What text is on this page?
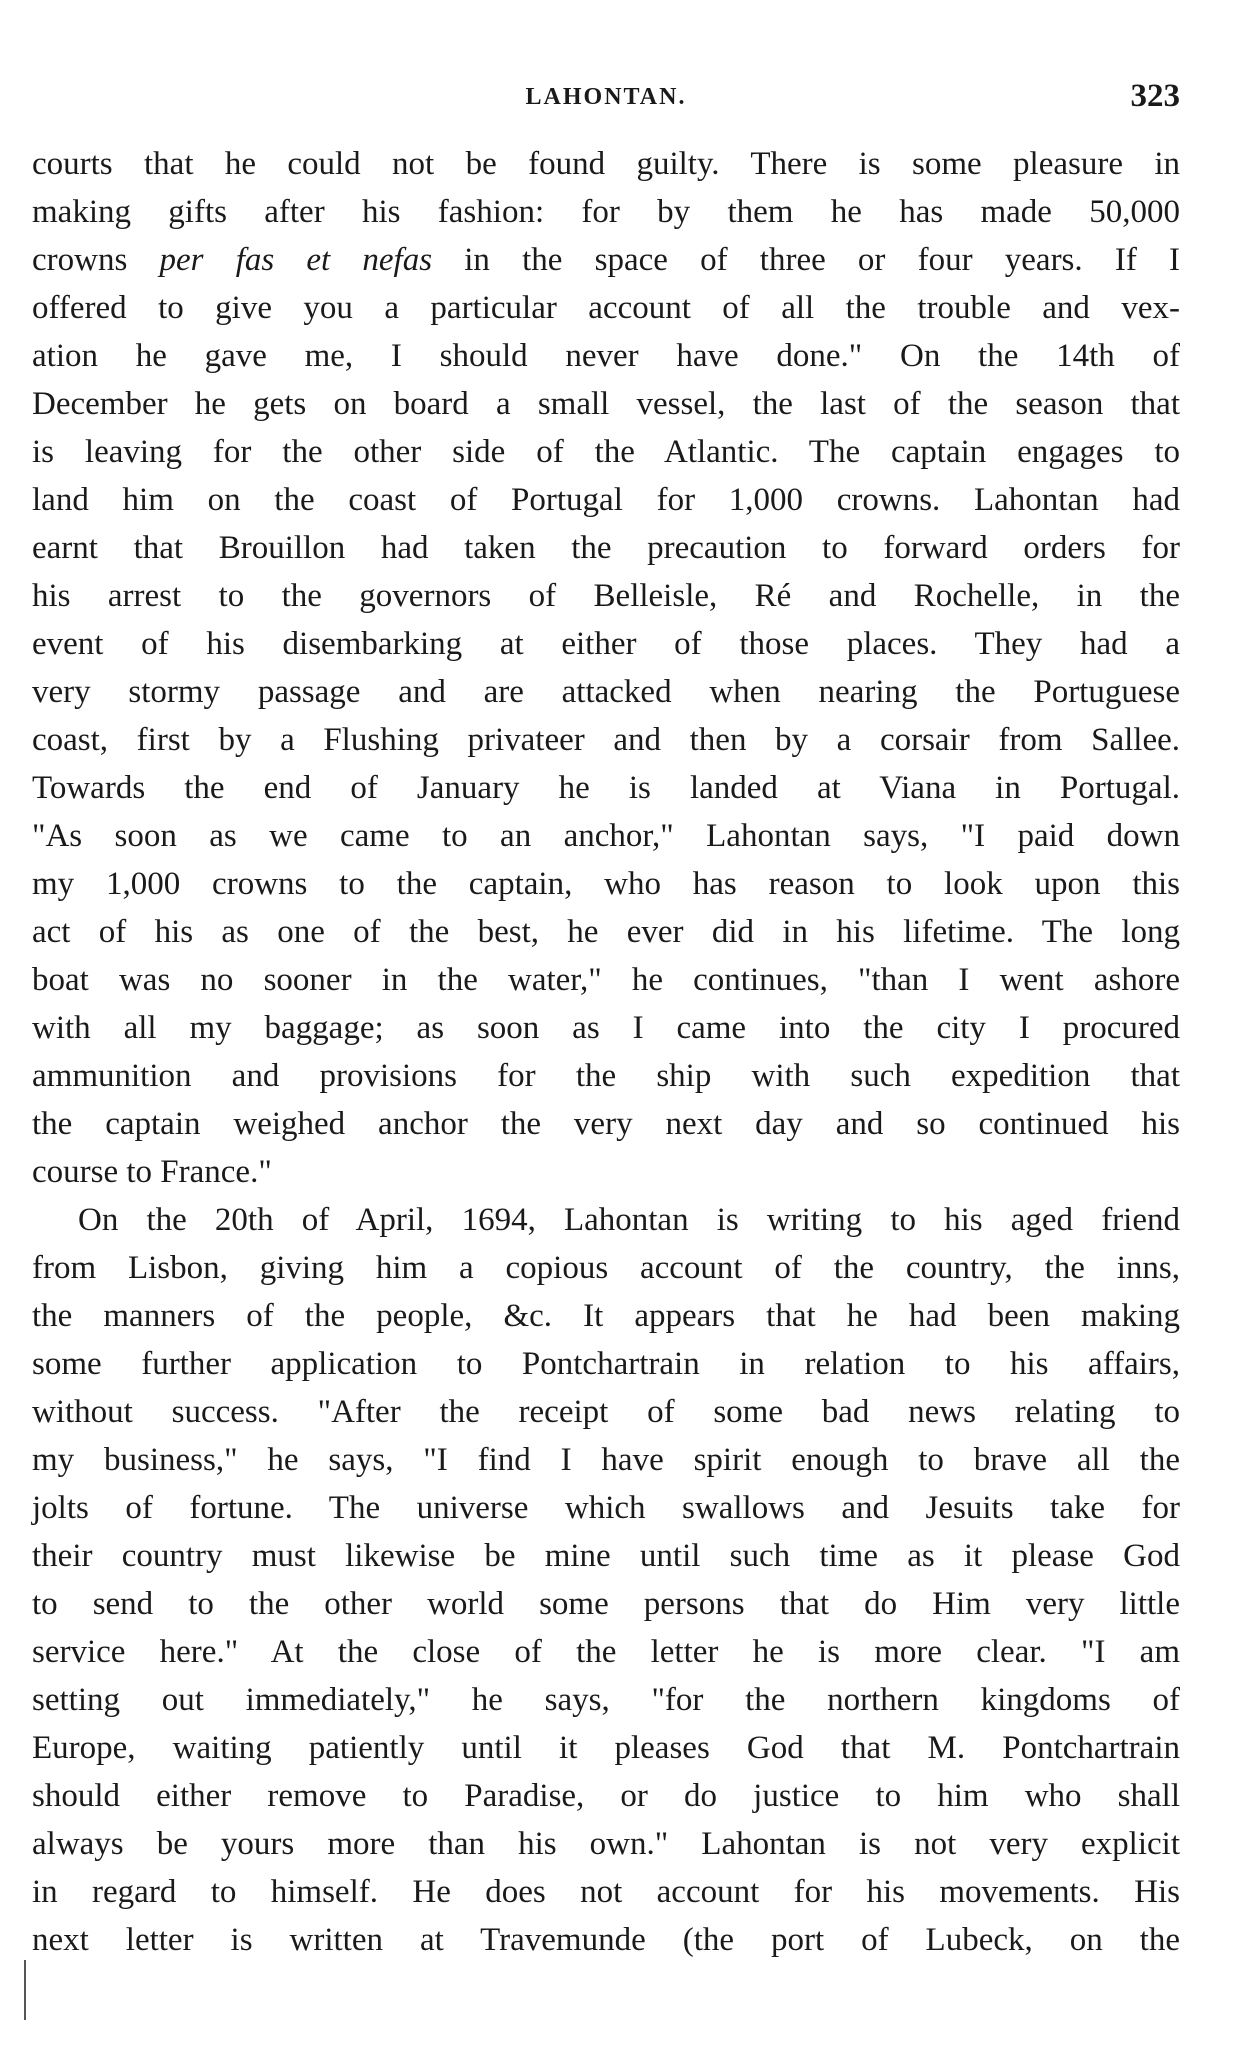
LAHONTAN.	323
courts that he could not be found guilty. There is some pleasure in
making gifts after his fashion: for by them he has made 50,000
crowns per fas et nefas in the space of three or four years. If I
offered to give you a particular account of all the trouble and vex-
ation he gave me, I should never have done." On the 14th of
December he gets on board a small vessel, the last of the season that
is leaving for the other side of the Atlantic. The captain engages to
land him on the coast of Portugal for 1,000 crowns. Lahontan had
earnt that Brouillon had taken the precaution to forward orders for
his arrest to the governors of Belleisle, Ré and Rochelle, in the
event of his disembarking at either of those places. They had a
very stormy passage and are attacked when nearing the Portuguese
coast, first by a Flushing privateer and then by a corsair from Sallee.
Towards the end of January he is landed at Viana in Portugal.
"As soon as we came to an anchor," Lahontan says, "I paid down
my 1,000 crowns to the captain, who has reason to look upon this
act of his as one of the best, he ever did in his lifetime. The long
boat was no sooner in the water," he continues, "than I went ashore
with all my baggage; as soon as I came into the city I procured
ammunition and provisions for the ship with such expedition that
the captain weighed anchor the very next day and so continued his
course to France."
On the 20th of April, 1694, Lahontan is writing to his aged friend
from Lisbon, giving him a copious account of the country, the inns,
the manners of the people, &c. It appears that he had been making
some further application to Pontchartrain in relation to his affairs,
without success. "After the receipt of some bad news relating to
my business," he says, "I find I have spirit enough to brave all the
jolts of fortune. The universe which swallows and Jesuits take for
their country must likewise be mine until such time as it please God
to send to the other world some persons that do Him very little
service here." At the close of the letter he is more clear. "I am
setting out immediately," he says, "for the northern kingdoms of
Europe, waiting patiently until it pleases God that M. Pontchartrain
should either remove to Paradise, or do justice to him who shall
always be yours more than his own." Lahontan is not very explicit
in regard to himself. He does not account for his movements. His
next letter is written at Travemunde (the port of Lubeck, on the
